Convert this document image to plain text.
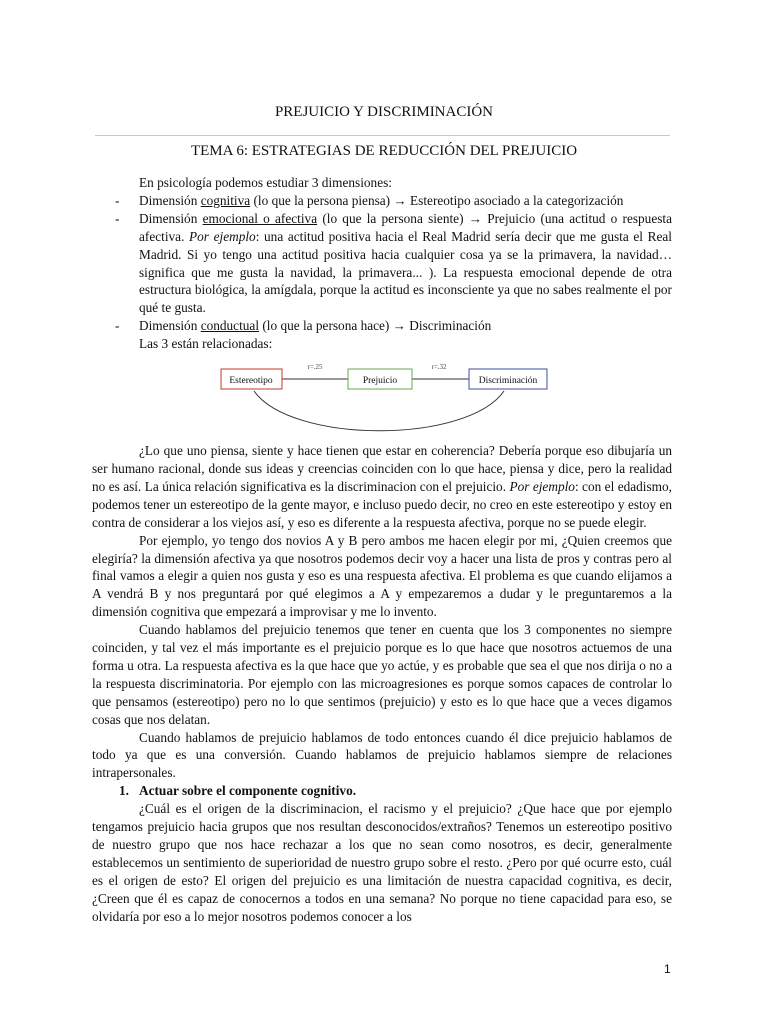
PREJUICIO Y DISCRIMINACIÓN
TEMA 6: ESTRATEGIAS DE REDUCCIÓN DEL PREJUICIO

En psicología podemos estudiar 3 dimensiones:

- Dimensión cognitiva (lo que la persona piensa) → Estereotipo asociado a la categorización
- Dimensión emocional o afectiva (lo que la persona siente) → Prejuicio (una actitud o respuesta afectiva. Por ejemplo: una actitud positiva hacia el Real Madrid sería decir que me gusta el Real Madrid. Si yo tengo una actitud positiva hacia cualquier cosa ya se la primavera, la navidad… significa que me gusta la navidad, la primavera... ). La respuesta emocional depende de otra estructura biológica, la amígdala, porque la actitud es inconsciente ya que no sabes realmente el por qué te gusta.
- Dimensión conductual (lo que la persona hace) → Discriminación

Las 3 están relacionadas:

r=.25	r=.32
Estereotipo	Prejuicio	Discriminación

¿Lo que uno piensa, siente y hace tienen que estar en coherencia? Debería porque eso dibujaría un ser humano racional, donde sus ideas y creencias coinciden con lo que hace, piensa y dice, pero la realidad no es así. La única relación significativa es la discriminacion con el prejuicio. Por ejemplo: con el edadismo, podemos tener un estereotipo de la gente mayor, e incluso puedo decir, no creo en este estereotipo y estoy en contra de considerar a los viejos así, y eso es diferente a la respuesta afectiva, porque no se puede elegir.

Por ejemplo, yo tengo dos novios A y B pero ambos me hacen elegir por mi, ¿Quien creemos que elegiría? la dimensión afectiva ya que nosotros podemos decir voy a hacer una lista de pros y contras pero al final vamos a elegir a quien nos gusta y eso es una respuesta afectiva. El problema es que cuando elijamos a A vendrá B y nos preguntará por qué elegimos a A y empezaremos a dudar y le preguntaremos a la dimensión cognitiva que empezará a improvisar y me lo invento.

Cuando hablamos del prejuicio tenemos que tener en cuenta que los 3 componentes no siempre coinciden, y tal vez el más importante es el prejuicio porque es lo que hace que nosotros actuemos de una forma u otra. La respuesta afectiva es la que hace que yo actúe, y es probable que sea el que nos dirija o no a la respuesta discriminatoria. Por ejemplo con las microagresiones es porque somos capaces de controlar lo que pensamos (estereotipo) pero no lo que sentimos (prejuicio) y esto es lo que hace que a veces digamos cosas que nos delatan.

Cuando hablamos de prejuicio hablamos de todo entonces cuando él dice prejuicio hablamos de todo ya que es una conversión. Cuando hablamos de prejuicio hablamos siempre de relaciones intrapersonales.

1. Actuar sobre el componente cognitivo.

¿Cuál es el origen de la discriminacion, el racismo y el prejuicio? ¿Que hace que por ejemplo tengamos prejuicio hacia grupos que nos resultan desconocidos/extraños? Tenemos un estereotipo positivo de nuestro grupo que nos hace rechazar a los que no sean como nosotros, es decir, generalmente establecemos un sentimiento de superioridad de nuestro grupo sobre el resto. ¿Pero por qué ocurre esto, cuál es el origen de esto? El origen del prejuicio es una limitación de nuestra capacidad cognitiva, es decir, ¿Creen que él es capaz de conocernos a todos en una semana? No porque no tiene capacidad para eso, se olvidaría por eso a lo mejor nosotros podemos conocer a los

1
